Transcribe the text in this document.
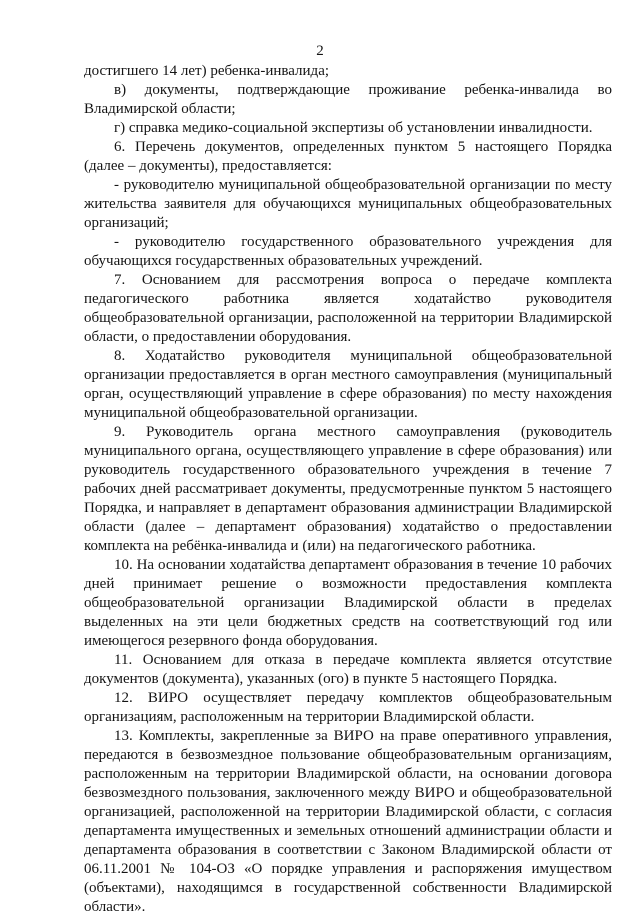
2

достигшего 14 лет) ребенка-инвалида;

в) документы, подтверждающие проживание ребенка-инвалида во Владимирской области;

г) справка медико-социальной экспертизы об установлении инвалидности.

6. Перечень документов, определенных пунктом 5 настоящего Порядка (далее – документы), предоставляется:

- руководителю муниципальной общеобразовательной организации по месту жительства заявителя для обучающихся муниципальных общеобразовательных организаций;

- руководителю государственного образовательного учреждения для обучающихся государственных образовательных учреждений.

7. Основанием для рассмотрения вопроса о передаче комплекта педагогического работника является ходатайство руководителя общеобразовательной организации, расположенной на территории Владимирской области, о предоставлении оборудования.

8. Ходатайство руководителя муниципальной общеобразовательной организации предоставляется в орган местного самоуправления (муниципальный орган, осуществляющий управление в сфере образования) по месту нахождения муниципальной общеобразовательной организации.

9. Руководитель органа местного самоуправления (руководитель муниципального органа, осуществляющего управление в сфере образования) или руководитель государственного образовательного учреждения в течение 7 рабочих дней рассматривает документы, предусмотренные пунктом 5 настоящего Порядка, и направляет в департамент образования администрации Владимирской области (далее – департамент образования) ходатайство о предоставлении комплекта на ребёнка-инвалида и (или) на педагогического работника.

10. На основании ходатайства департамент образования в течение 10 рабочих дней принимает решение о возможности предоставления комплекта общеобразовательной организации Владимирской области в пределах выделенных на эти цели бюджетных средств на соответствующий год или имеющегося резервного фонда оборудования.

11. Основанием для отказа в передаче комплекта является отсутствие документов (документа), указанных (ого) в пункте 5 настоящего Порядка.

12. ВИРО осуществляет передачу комплектов общеобразовательным организациям, расположенным на территории Владимирской области.

13. Комплекты, закрепленные за ВИРО на праве оперативного управления, передаются в безвозмездное пользование общеобразовательным организациям, расположенным на территории Владимирской области, на основании договора безвозмездного пользования, заключенного между ВИРО и общеобразовательной организацией, расположенной на территории Владимирской области, с согласия департамента имущественных и земельных отношений администрации области и департамента образования в соответствии с Законом Владимирской области от 06.11.2001 № 104-ОЗ «О порядке управления и распоряжения имуществом (объектами), находящимся в государственной собственности Владимирской области».
